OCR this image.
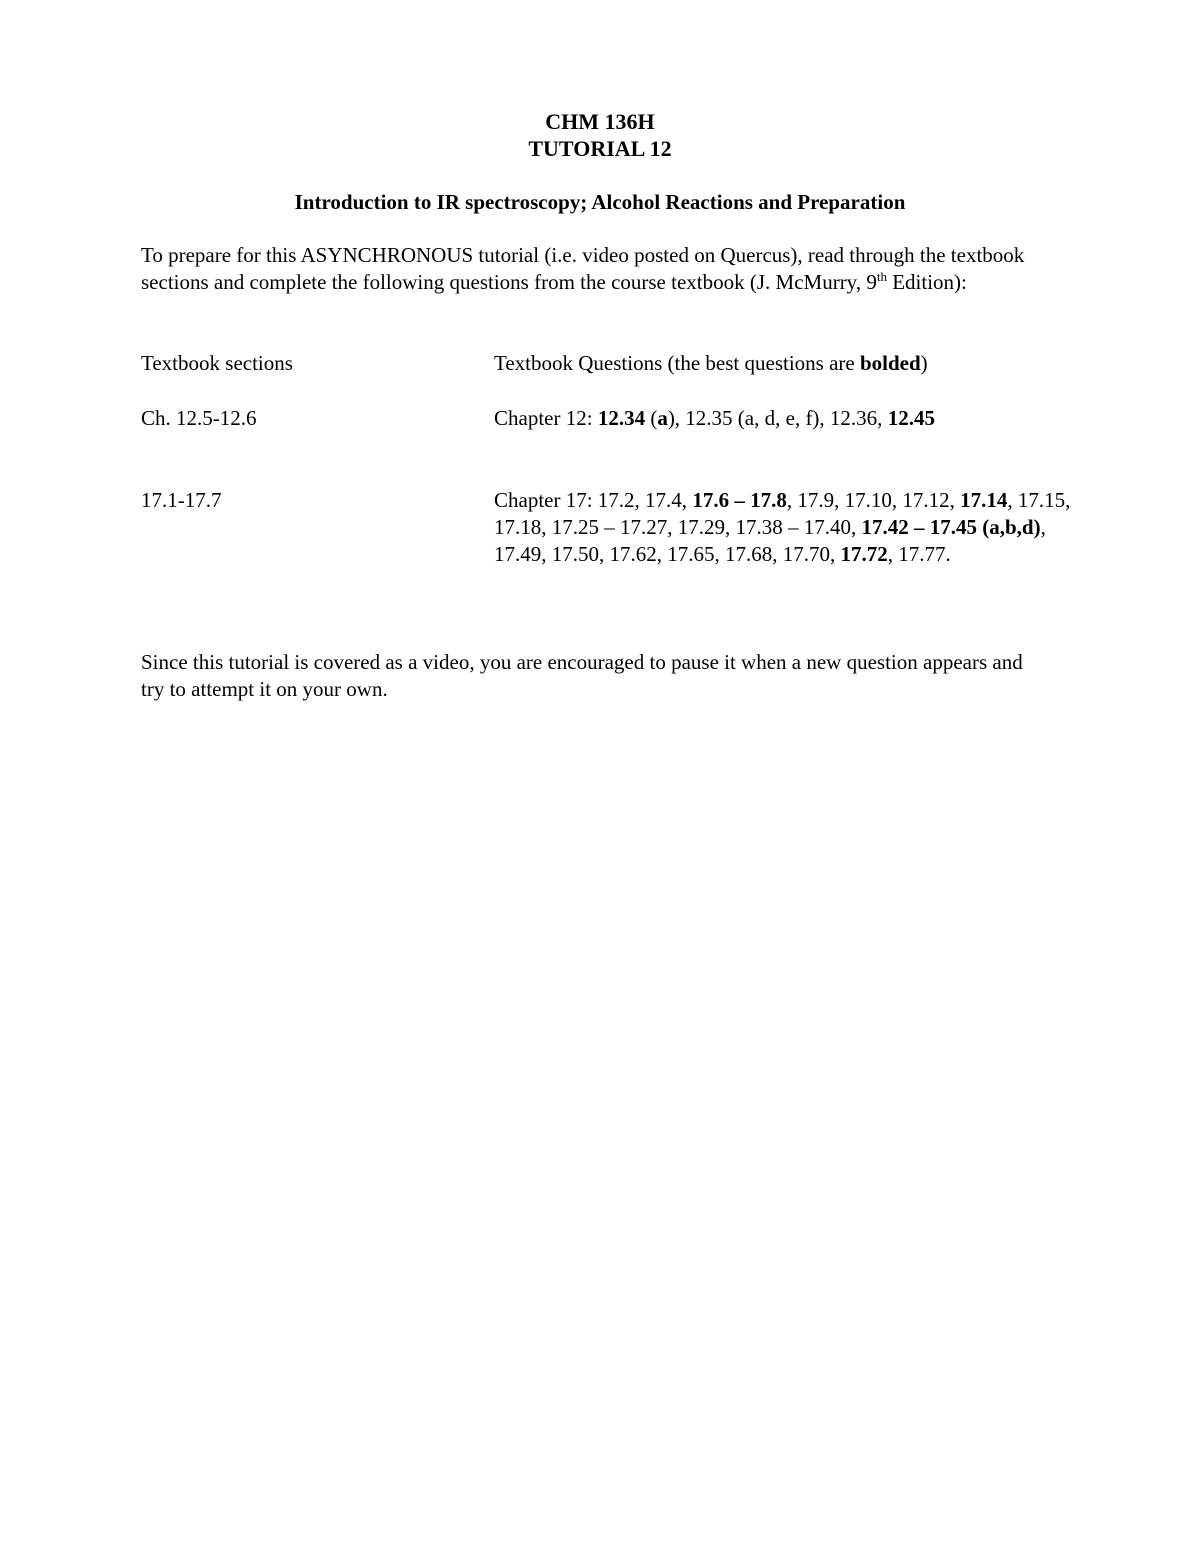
CHM 136H
TUTORIAL 12
Introduction to IR spectroscopy; Alcohol Reactions and Preparation
To prepare for this ASYNCHRONOUS tutorial (i.e. video posted on Quercus), read through the textbook sections and complete the following questions from the course textbook (J. McMurry, 9th Edition):
Textbook sections	Textbook Questions (the best questions are bolded)
Ch. 12.5-12.6	Chapter 12: 12.34 (a), 12.35 (a, d, e, f), 12.36, 12.45
17.1-17.7	Chapter 17: 17.2, 17.4, 17.6 – 17.8, 17.9, 17.10, 17.12, 17.14, 17.15, 17.18, 17.25 – 17.27, 17.29, 17.38 – 17.40, 17.42 – 17.45 (a,b,d), 17.49, 17.50, 17.62, 17.65, 17.68, 17.70, 17.72, 17.77.
Since this tutorial is covered as a video, you are encouraged to pause it when a new question appears and try to attempt it on your own.
